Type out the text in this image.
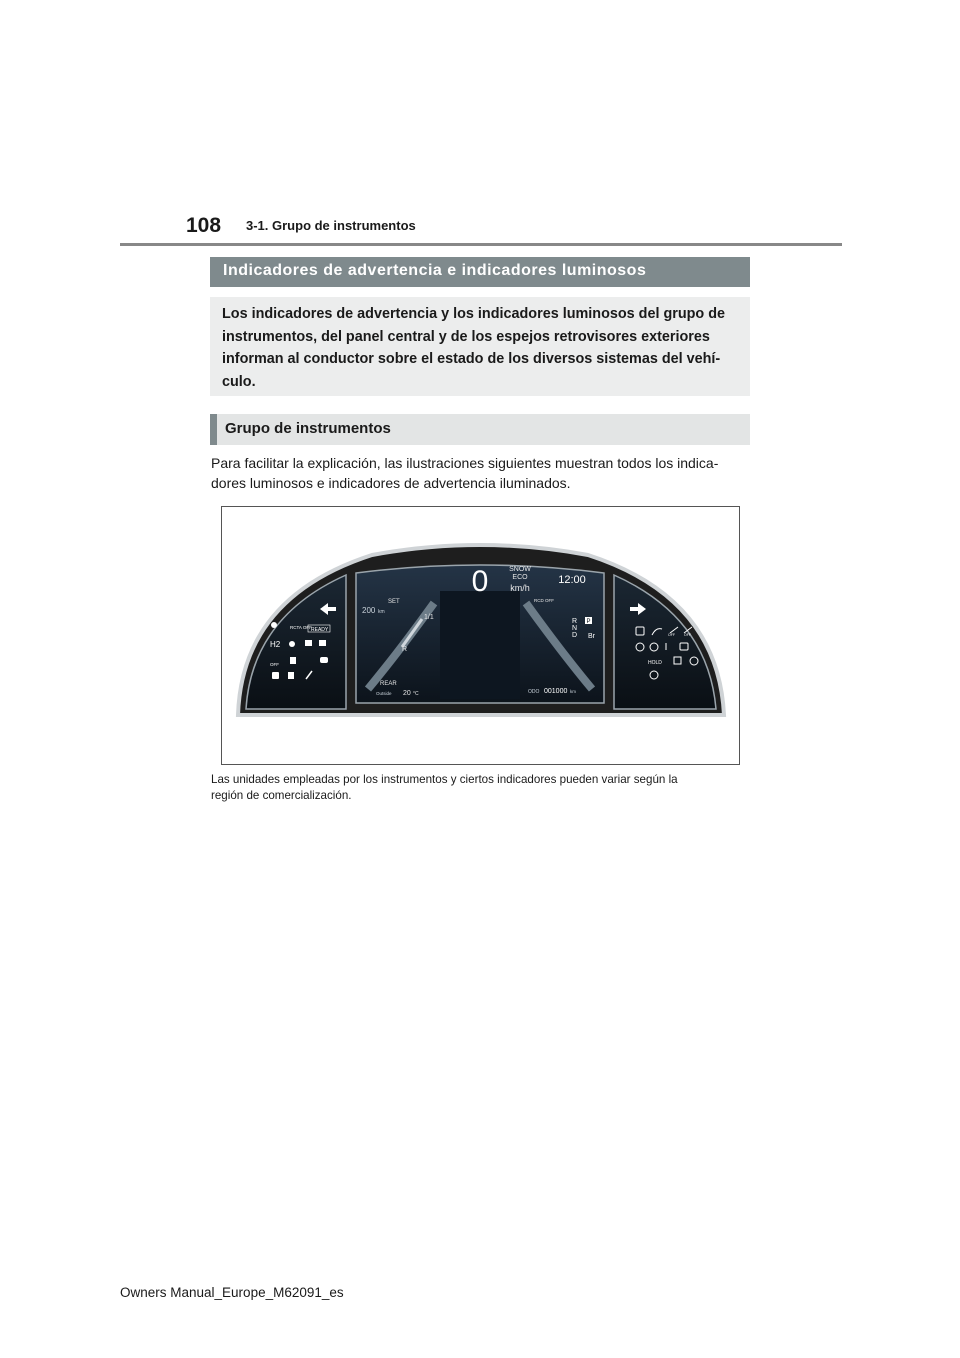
108 3-1. Grupo de instrumentos
Indicadores de advertencia e indicadores luminosos
Los indicadores de advertencia y los indicadores luminosos del grupo de
instrumentos, del panel central y de los espejos retrovisores exteriores
informan al conductor sobre el estado de los diversos sistemas del vehí-
culo.
Grupo de instrumentos
Para facilitar la explicación, las ilustraciones siguientes muestran todos los indica-
dores luminosos e indicadores de advertencia iluminados.
0	SNOW
ECO
km/h
12:00
SET
200 km
1/1
R
RCD OFF
REAR
Outside 20 °C	ODO 001000 km
R
N
D
P
Br
RCTA OFF READY
H2
OFF	HOLD
OFF	OFF
Las unidades empleadas por los instrumentos y ciertos indicadores pueden variar según la
región de comercialización.
Owners Manual_Europe_M62091_es
